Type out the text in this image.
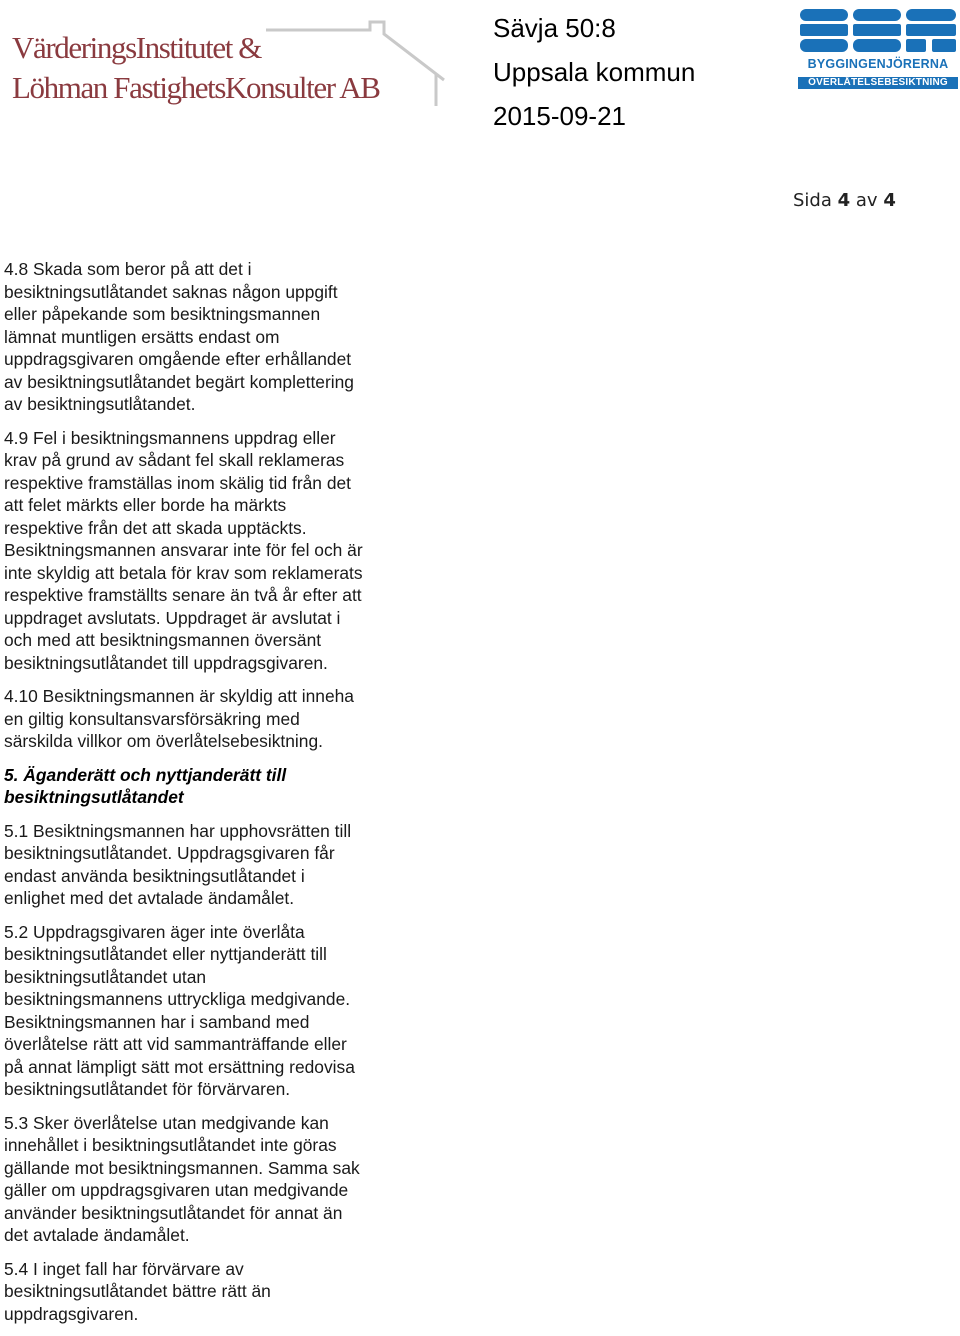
VärderingsInstitutet &

Löhman FastighetsKonsulter AB

Sävja 50:8
Uppsala kommun
2015-09-21
BYGGINGENJÖRERNA
ÖVERLÅTELSEBESIKTNING
Sida 4 av 4
4.8 Skada som beror på att det i
besiktningsutlåtandet saknas någon uppgift
eller påpekande som besiktningsmannen
lämnat muntligen ersätts endast om
uppdragsgivaren omgående efter erhållandet
av besiktningsutlåtandet begärt komplettering
av besiktningsutlåtandet.
4.9 Fel i besiktningsmannens uppdrag eller
krav på grund av sådant fel skall reklameras
respektive framställas inom skälig tid från det
att felet märkts eller borde ha märkts
respektive från det att skada upptäckts.
Besiktningsmannen ansvarar inte för fel och är
inte skyldig att betala för krav som reklamerats
respektive framställts senare än två år efter att
uppdraget avslutats. Uppdraget är avslutat i
och med att besiktningsmannen översänt
besiktningsutlåtandet till uppdragsgivaren.
4.10 Besiktningsmannen är skyldig att inneha
en giltig konsultansvarsförsäkring med
särskilda villkor om överlåtelsebesiktning.
5. Äganderätt och nyttjanderätt till
besiktningsutlåtandet
5.1 Besiktningsmannen har upphovsrätten till
besiktningsutlåtandet. Uppdragsgivaren får
endast använda besiktningsutlåtandet i
enlighet med det avtalade ändamålet.
5.2 Uppdragsgivaren äger inte överlåta
besiktningsutlåtandet eller nyttjanderätt till
besiktningsutlåtandet utan
besiktningsmannens uttryckliga medgivande.
Besiktningsmannen har i samband med
överlåtelse rätt att vid sammanträffande eller
på annat lämpligt sätt mot ersättning redovisa
besiktningsutlåtandet för förvärvaren.
5.3 Sker överlåtelse utan medgivande kan
innehållet i besiktningsutlåtandet inte göras
gällande mot besiktningsmannen. Samma sak
gäller om uppdragsgivaren utan medgivande
använder besiktningsutlåtandet för annat än
det avtalade ändamålet.
5.4 I inget fall har förvärvare av
besiktningsutlåtandet bättre rätt än
uppdragsgivaren.
